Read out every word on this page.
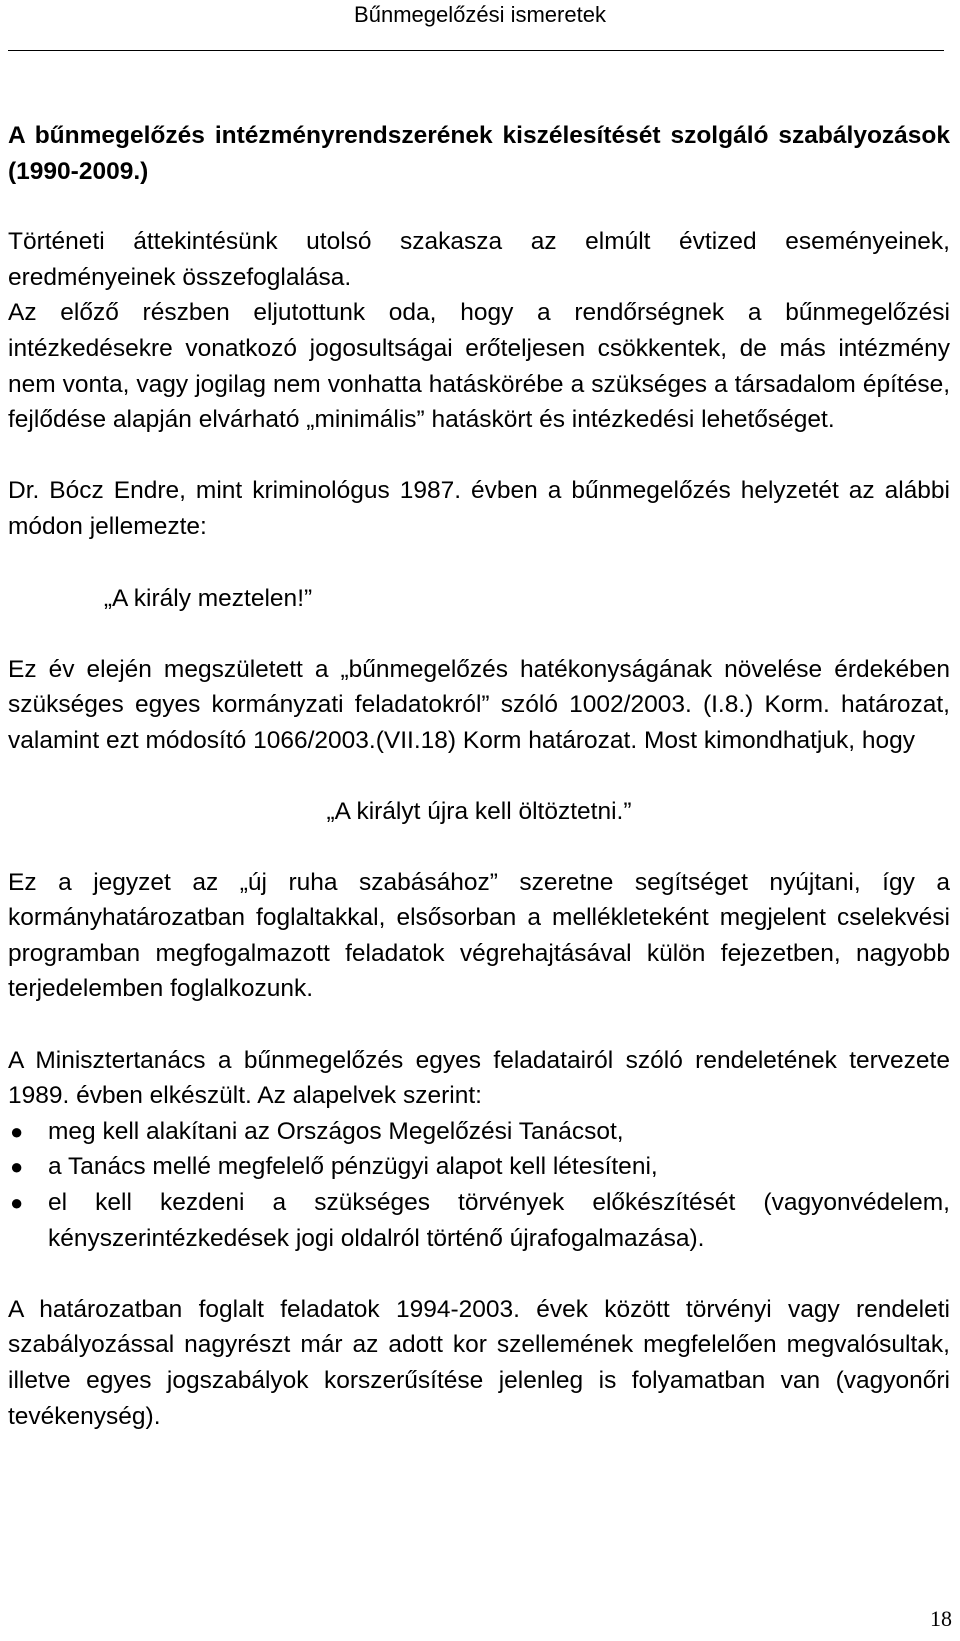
Bűnmegelőzési ismeretek
A bűnmegelőzés intézményrendszerének kiszélesítését szolgáló szabályozások (1990-2009.)

Történeti áttekintésünk utolsó szakasza az elmúlt évtized eseményeinek, eredményeinek összefoglalása.

Az előző részben eljutottunk oda, hogy a rendőrségnek a bűnmegelőzési intézkedésekre vonatkozó jogosultságai erőteljesen csökkentek, de más intézmény nem vonta, vagy jogilag nem vonhatta hatáskörébe a szükséges a társadalom építése, fejlődése alapján elvárható „minimális” hatáskört és intézkedési lehetőséget.

Dr. Bócz Endre, mint kriminológus 1987. évben a bűnmegelőzés helyzetét az alábbi módon jellemezte:

„A király meztelen!”

Ez év elején megszületett a „bűnmegelőzés hatékonyságának növelése érdekében szükséges egyes kormányzati feladatokról” szóló 1002/2003. (I.8.) Korm. határozat, valamint ezt módosító 1066/2003.(VII.18) Korm határozat. Most kimondhatjuk, hogy

„A királyt újra kell öltöztetni.”

Ez a jegyzet az „új ruha szabásához” szeretne segítséget nyújtani, így a kormányhatározatban foglaltakkal, elsősorban a mellékleteként megjelent cselekvési programban megfogalmazott feladatok végrehajtásával külön fejezetben, nagyobb terjedelemben foglalkozunk.

A Minisztertanács a bűnmegelőzés egyes feladatairól szóló rendeletének tervezete 1989. évben elkészült. Az alapelvek szerint:

● meg kell alakítani az Országos Megelőzési Tanácsot,
● a Tanács mellé megfelelő pénzügyi alapot kell létesíteni,
● el kell kezdeni a szükséges törvények előkészítését (vagyonvédelem, kényszerintézkedések jogi oldalról történő újrafogalmazása).

A határozatban foglalt feladatok 1994-2003. évek között törvényi vagy rendeleti szabályozással nagyrészt már az adott kor szellemének megfelelően megvalósultak, illetve egyes jogszabályok korszerűsítése jelenleg is folyamatban van (vagyonőri tevékenység).

18
